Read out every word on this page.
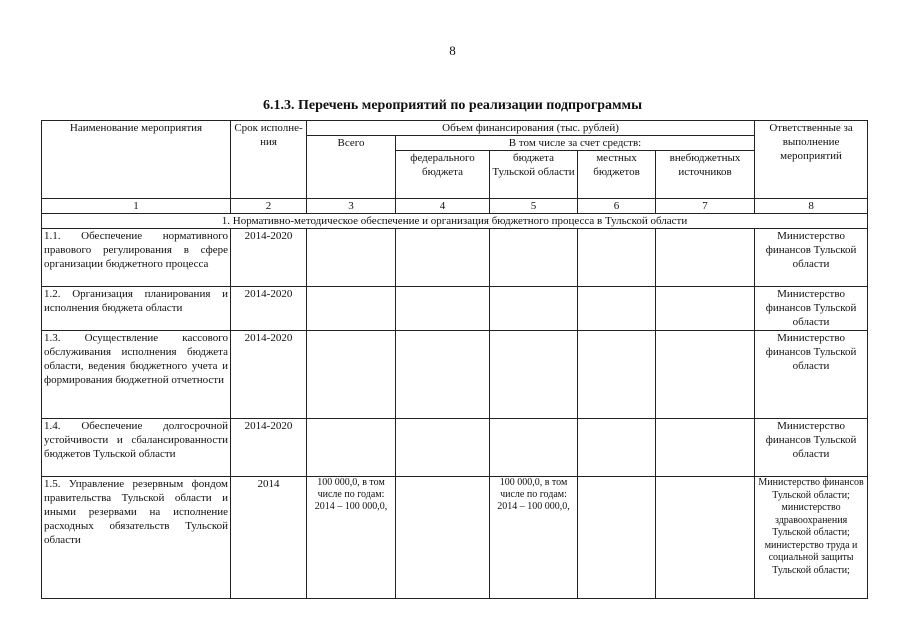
8
6.1.3. Перечень мероприятий по реализации подпрограммы
Наименование мероприятия	Срок исполне-ния	Объем финансирования (тыс. рублей)					Ответственные за выполнение мероприятий
		Всего	В том числе за счет средств:				
			федерального бюджета	бюджета Тульской области	местных бюджетов	внебюджетных источников	
1	2	3	4	5	6	7	8
1. Нормативно-методическое обеспечение и организация бюджетного процесса в Тульской области							
1.1. Обеспечение нормативного правового регулирования в сфере организации бюджетного процесса	2014-2020						Министерство финансов Тульской области
1.2. Организация планирования и исполнения бюджета области	2014-2020						Министерство финансов Тульской области
1.3. Осуществление кассового обслуживания исполнения бюджета области, ведения бюджетного учета и формирования бюджетной отчетности	2014-2020						Министерство финансов Тульской области
1.4. Обеспечение долгосрочной устойчивости и сбалансированности бюджетов Тульской области	2014-2020						Министерство финансов Тульской области
1.5. Управление резервным фондом правительства Тульской области и иными резервами на исполнение расходных обязательств Тульской области	2014	100 000,0, в том числе по годам: 2014 – 100 000,0,		100 000,0, в том числе по годам: 2014 – 100 000,0,			Министерство финансов Тульской области; министерство здравоохранения Тульской области; министерство труда и социальной защиты Тульской области;
